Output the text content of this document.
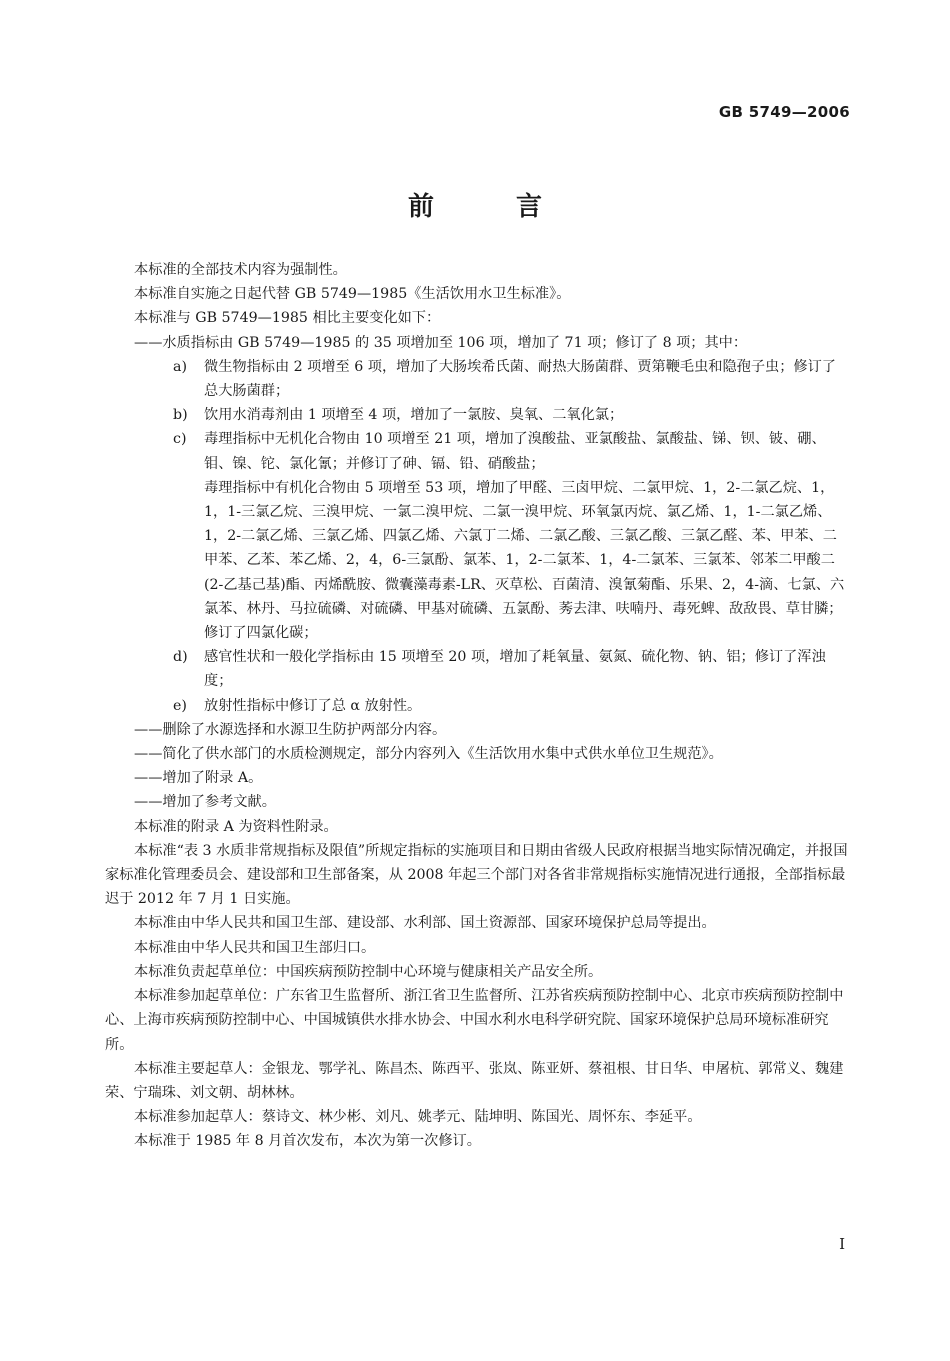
GB 5749—2006
前　言

本标准的全部技术内容为强制性。

本标准自实施之日起代替 GB 5749—1985《生活饮用水卫生标准》。

本标准与 GB 5749—1985 相比主要变化如下：

——水质指标由 GB 5749—1985 的 35 项增加至 106 项，增加了 71 项；修订了 8 项；其中：

a)	微生物指标由 2 项增至 6 项，增加了大肠埃希氏菌、耐热大肠菌群、贾第鞭毛虫和隐孢子虫；修订了总大肠菌群；
b)	饮用水消毒剂由 1 项增至 4 项，增加了一氯胺、臭氧、二氧化氯；
c)	毒理指标中无机化合物由 10 项增至 21 项，增加了溴酸盐、亚氯酸盐、氯酸盐、锑、钡、铍、硼、钼、镍、铊、氯化氰；并修订了砷、镉、铅、硝酸盐；

毒理指标中有机化合物由 5 项增至 53 项，增加了甲醛、三卤甲烷、二氯甲烷、1，2-二氯乙烷、1，1，1-三氯乙烷、三溴甲烷、一氯二溴甲烷、二氯一溴甲烷、环氧氯丙烷、氯乙烯、1，1-二氯乙烯、1，2-二氯乙烯、三氯乙烯、四氯乙烯、六氯丁二烯、二氯乙酸、三氯乙酸、三氯乙醛、苯、甲苯、二甲苯、乙苯、苯乙烯、2，4，6-三氯酚、氯苯、1，2-二氯苯、1，4-二氯苯、三氯苯、邻苯二甲酸二(2-乙基己基)酯、丙烯酰胺、微囊藻毒素-LR、灭草松、百菌清、溴氰菊酯、乐果、2，4-滴、七氯、六氯苯、林丹、马拉硫磷、对硫磷、甲基对硫磷、五氯酚、莠去津、呋喃丹、毒死蜱、敌敌畏、草甘膦；修订了四氯化碳；

d)	感官性状和一般化学指标由 15 项增至 20 项，增加了耗氧量、氨氮、硫化物、钠、铝；修订了浑浊度；
e)	放射性指标中修订了总 α 放射性。

——删除了水源选择和水源卫生防护两部分内容。

——简化了供水部门的水质检测规定，部分内容列入《生活饮用水集中式供水单位卫生规范》。

——增加了附录 A。

——增加了参考文献。

本标准的附录 A 为资料性附录。

本标准“表 3 水质非常规指标及限值”所规定指标的实施项目和日期由省级人民政府根据当地实际情况确定，并报国家标准化管理委员会、建设部和卫生部备案，从 2008 年起三个部门对各省非常规指标实施情况进行通报，全部指标最迟于 2012 年 7 月 1 日实施。

本标准由中华人民共和国卫生部、建设部、水利部、国土资源部、国家环境保护总局等提出。

本标准由中华人民共和国卫生部归口。

本标准负责起草单位：中国疾病预防控制中心环境与健康相关产品安全所。

本标准参加起草单位：广东省卫生监督所、浙江省卫生监督所、江苏省疾病预防控制中心、北京市疾病预防控制中心、上海市疾病预防控制中心、中国城镇供水排水协会、中国水利水电科学研究院、国家环境保护总局环境标准研究所。

本标准主要起草人：金银龙、鄂学礼、陈昌杰、陈西平、张岚、陈亚妍、蔡祖根、甘日华、申屠杭、郭常义、魏建荣、宁瑞珠、刘文朝、胡林林。

本标准参加起草人：蔡诗文、林少彬、刘凡、姚孝元、陆坤明、陈国光、周怀东、李延平。

本标准于 1985 年 8 月首次发布，本次为第一次修订。

I
